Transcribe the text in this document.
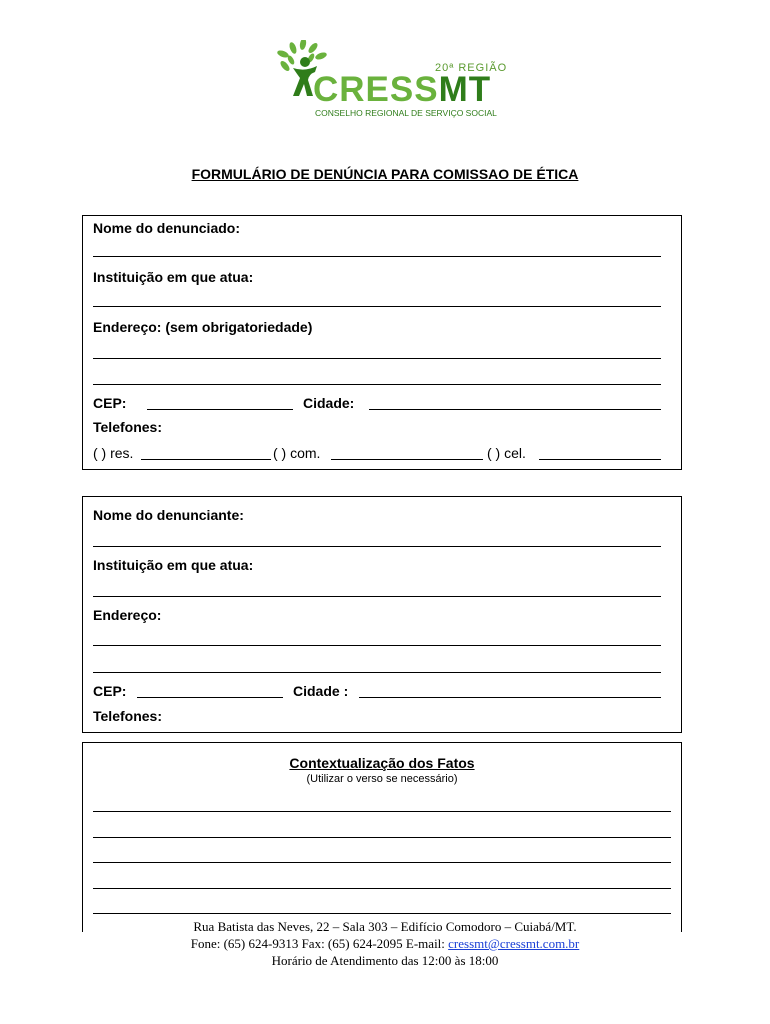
20ª REGIÃO
CRESSMT
CONSELHO REGIONAL DE SERVIÇO SOCIAL
FORMULÁRIO DE DENÚNCIA PARA COMISSAO DE ÉTICA
Nome do denunciado:
Instituição em que atua:
Endereço: (sem obrigatoriedade)
CEP:	Cidade:
Telefones:
( ) res.	( ) com.	( ) cel.
Nome do denunciante:
Instituição em que atua:
Endereço:
CEP:	Cidade :
Telefones:
Contextualização dos Fatos
(Utilizar o verso se necessário)
Rua Batista das Neves, 22 – Sala 303 – Edifício Comodoro – Cuiabá/MT.
Fone: (65) 624-9313 Fax: (65) 624-2095 E-mail: cressmt@cressmt.com.br
Horário de Atendimento das 12:00 às 18:00
